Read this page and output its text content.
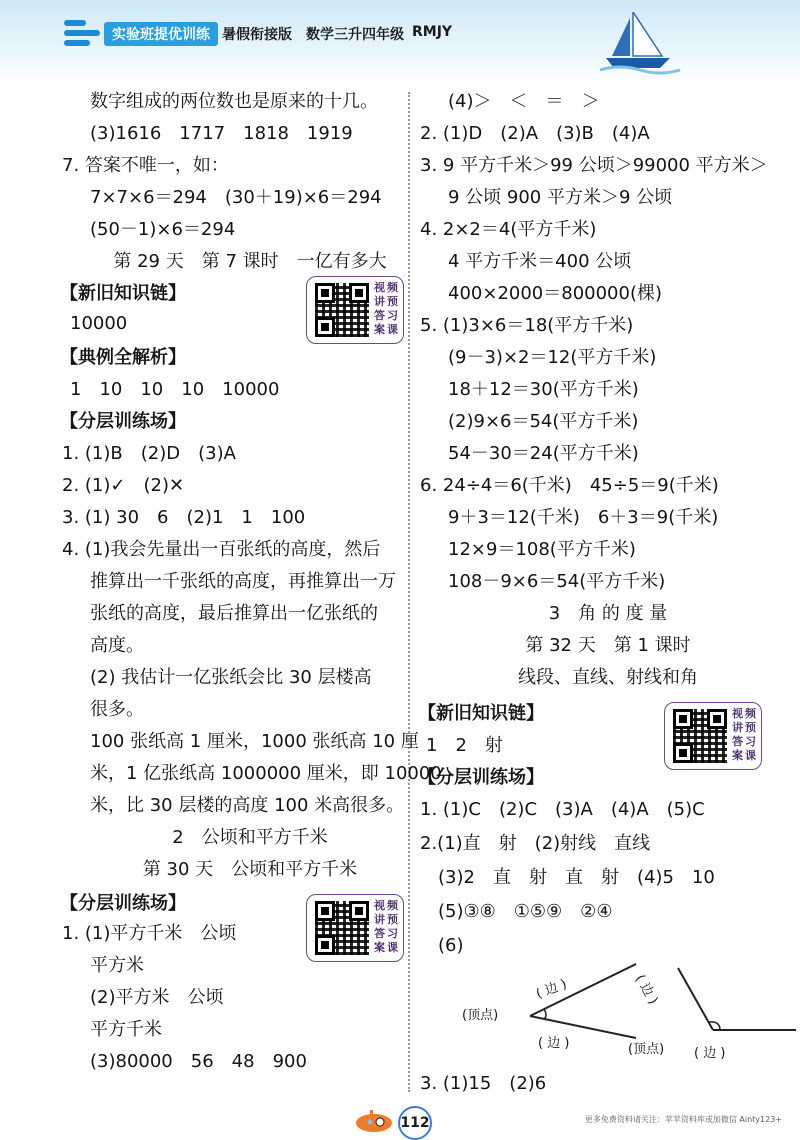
实验班提优训练 暑假衔接版 数学三升四年级 RMJY
数字组成的两位数也是原来的十几。
(3)1616　1717　1818　1919
7. 答案不唯一，如：
7×7×6＝294　(30＋19)×6＝294
(50－1)×6＝294
第 29 天　第 7 课时　一亿有多大
【新旧知识链】
10000
视 频
讲 预
答 习
案 课
【典例全解析】
1　10　10　10　10000
【分层训练场】
1. (1)B　(2)D　(3)A
2. (1)✓　(2)✕
3. (1) 30　6　(2)1　1　100
4. (1)我会先量出一百张纸的高度，然后
推算出一千张纸的高度，再推算出一万
张纸的高度，最后推算出一亿张纸的
高度。
(2) 我估计一亿张纸会比 30 层楼高
很多。
100 张纸高 1 厘米，1000 张纸高 10 厘
米，1 亿张纸高 1000000 厘米，即 10000
米，比 30 层楼的高度 100 米高很多。
2　公顷和平方千米
第 30 天　公顷和平方千米
【分层训练场】	视 频
讲 预
答 习
案 课
1. (1)平方千米　公顷
平方米
(2)平方米　公顷
平方千米
(3)80000　56　48　900
(4)＞　＜　＝　＞
2. (1)D　(2)A　(3)B　(4)A
3. 9 平方千米＞99 公顷＞99000 平方米＞
9 公顷 900 平方米＞9 公顷
4. 2×2＝4(平方千米)
4 平方千米＝400 公顷
400×2000＝800000(棵)
5. (1)3×6＝18(平方千米)
(9－3)×2＝12(平方千米)
18＋12＝30(平方千米)
(2)9×6＝54(平方千米)
54－30＝24(平方千米)
6. 24÷4＝6(千米)　45÷5＝9(千米)
9＋3＝12(千米)　6＋3＝9(千米)
12×9＝108(平方千米)
108－9×6＝54(平方千米)
3　角 的 度 量
第 32 天　第 1 课时
线段、直线、射线和角
【新旧知识链】	视 频
讲 预
答 习
案 课
1　2　射
【分层训练场】
1. (1)C　(2)C　(3)A　(4)A　(5)C
2.(1)直　射　(2)射线　直线
(3)2　直　射　直　射　(4)5　10
(5)③⑧　①⑤⑨　②④
(6)
(顶点)
( 边 )
( 边 )	(顶点)
( 边 )
( 边 )
3. (1)15　(2)6
112	更多免费资料请关注：苹苹资料库或加微信 Ainty123+
